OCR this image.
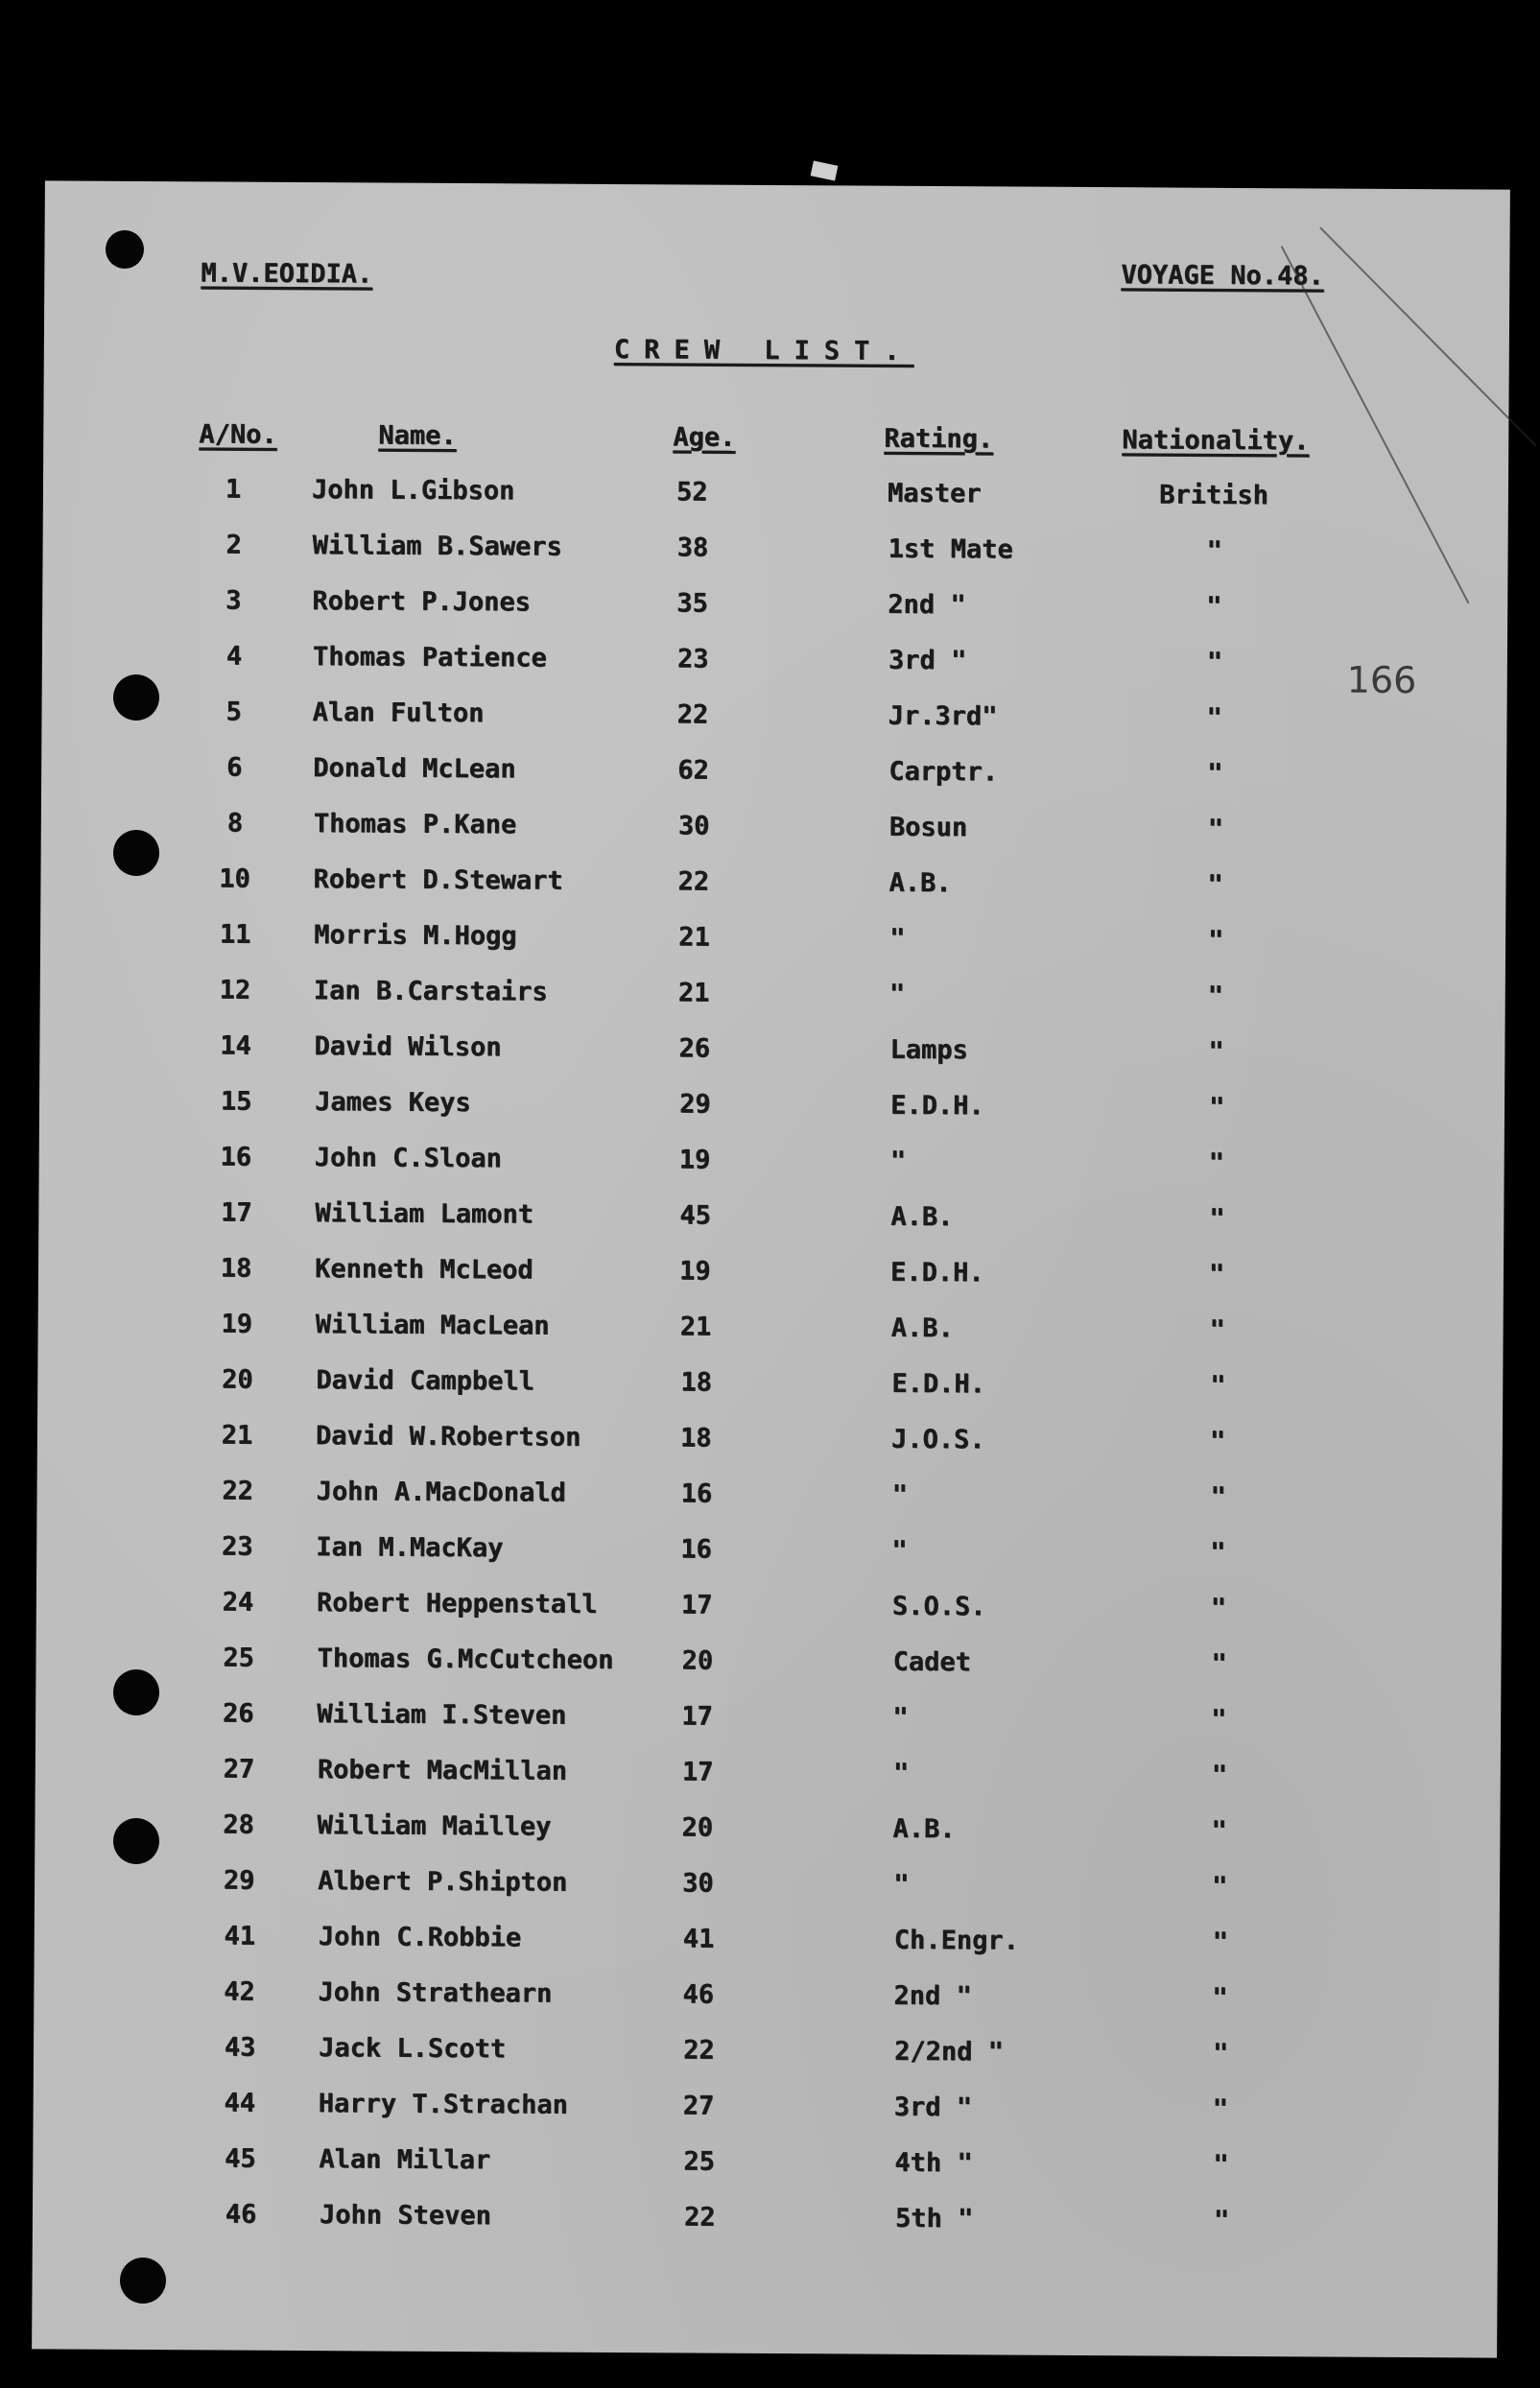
M.V.EOIDIA.	VOYAGE No.48.
CREW LIST.
A/No.	Name.	Age.	Rating.	Nationality.
1	John L.Gibson	52	Master	British
2	William B.Sawers	38	1st Mate	"
3	Robert P.Jones	35	2nd "	"
4	Thomas Patience	23	3rd "	"
5	Alan Fulton	22	Jr.3rd"	"
6	Donald McLean	62	Carptr.	"
8	Thomas P.Kane	30	Bosun	"
10 Robert D.Stewart	22	A.B.	"
11 Morris M.Hogg	21	"	"
12 Ian B.Carstairs	21	"	"
14 David Wilson	26	Lamps	"
15 James Keys	29	E.D.H.	"
16 John C.Sloan	19	"	"
17 William Lamont	45	A.B.	"
18 Kenneth McLeod	19	E.D.H.	"
19 William MacLean	21	A.B.	"
20 David Campbell	18	E.D.H.	"
21 David W.Robertson	18	J.O.S.	"
22 John A.MacDonald	16	"	"
23 Ian M.MacKay	16	"	"
24 Robert Heppenstall	17	S.O.S.	"
25 Thomas G.McCutcheon	20	Cadet	"
26 William I.Steven	17	"	"
27 Robert MacMillan	17	"	"
28 William Mailley	20	A.B.	"
29 Albert P.Shipton	30	"	"
41 John C.Robbie	41	Ch.Engr.	"
42 John Strathearn	46	2nd "	"
43 Jack L.Scott	22	2/2nd "	"
44 Harry T.Strachan	27	3rd "	"
45 Alan Millar	25	4th "	"
46 John Steven	22	5th "	"
166
